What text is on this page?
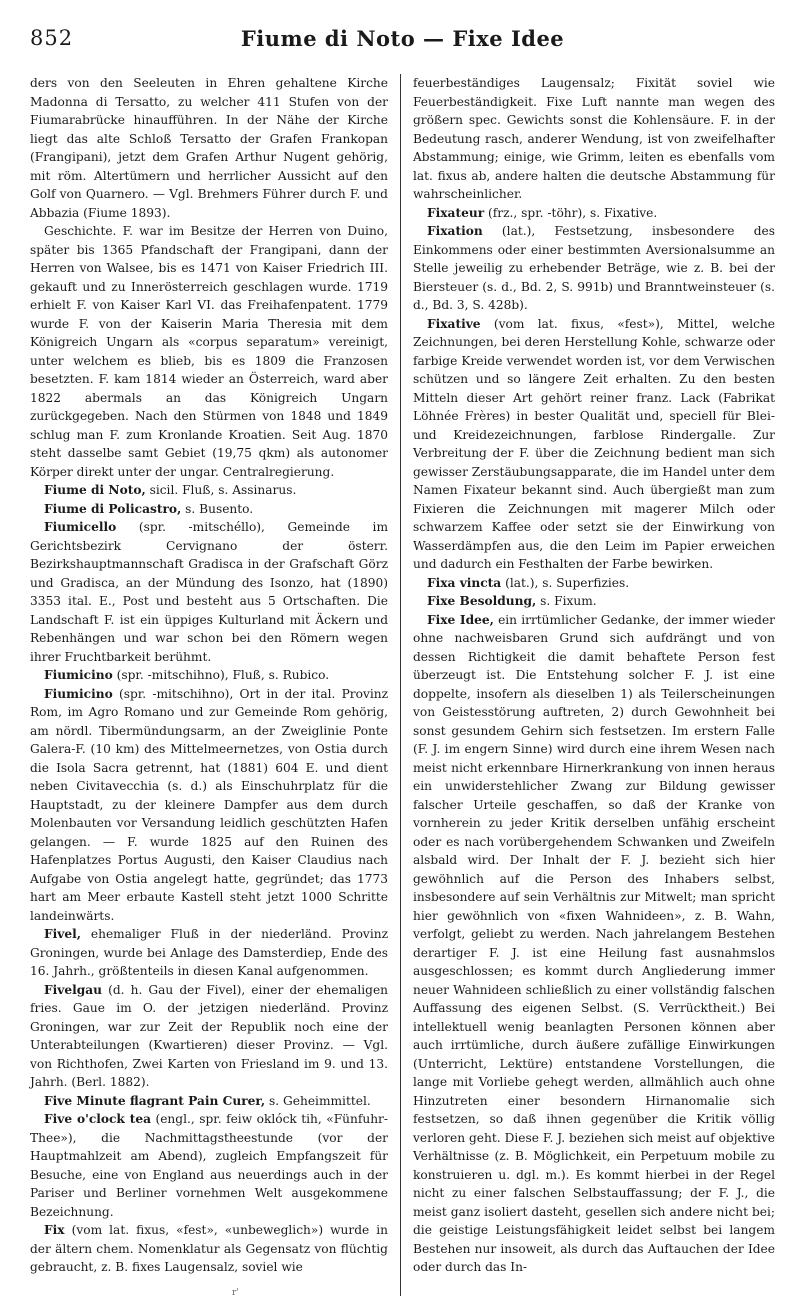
852	Fiume di Noto — Fixe Idee

ders von den Seeleuten in Ehren gehaltene Kirche Madonna di Tersatto, zu welcher 411 Stufen von der Fiumarabrücke hinaufführen. In der Nähe der Kirche liegt das alte Schloß Tersatto der Grafen Frankopan (Frangipani), jetzt dem Grafen Arthur Nugent gehörig, mit röm. Altertümern und herrlicher Aussicht auf den Golf von Quarnero. — Vgl. Brehmers Führer durch F. und Abbazia (Fiume 1893).

Geschichte. F. war im Besitze der Herren von Duino, später bis 1365 Pfandschaft der Frangipani, dann der Herren von Walsee, bis es 1471 von Kaiser Friedrich III. gekauft und zu Innerösterreich geschlagen wurde. 1719 erhielt F. von Kaiser Karl VI. das Freihafenpatent. 1779 wurde F. von der Kaiserin Maria Theresia mit dem Königreich Ungarn als «corpus separatum» vereinigt, unter welchem es blieb, bis es 1809 die Franzosen besetzten. F. kam 1814 wieder an Österreich, ward aber 1822 abermals an das Königreich Ungarn zurückgegeben. Nach den Stürmen von 1848 und 1849 schlug man F. zum Kronlande Kroatien. Seit Aug. 1870 steht dasselbe samt Gebiet (19,75 qkm) als autonomer Körper direkt unter der ungar. Centralregierung.

Fiume di Noto, sicil. Fluß, s. Assinarus.

Fiume di Policastro, s. Busento.

Fiumicello (spr. -mitschéllo), Gemeinde im Gerichtsbezirk Cervignano der österr. Bezirkshauptmannschaft Gradisca in der Grafschaft Görz und Gradisca, an der Mündung des Isonzo, hat (1890) 3353 ital. E., Post und besteht aus 5 Ortschaften. Die Landschaft F. ist ein üppiges Kulturland mit Äckern und Rebenhängen und war schon bei den Römern wegen ihrer Fruchtbarkeit berühmt.

Fiumicino (spr. -mitschihno), Fluß, s. Rubico.

Fiumicino (spr. -mitschihno), Ort in der ital. Provinz Rom, im Agro Romano und zur Gemeinde Rom gehörig, am nördl. Tibermündungsarm, an der Zweiglinie Ponte Galera-F. (10 km) des Mittelmeernetzes, von Ostia durch die Isola Sacra getrennt, hat (1881) 604 E. und dient neben Civitavecchia (s. d.) als Einschuhrplatz für die Hauptstadt, zu der kleinere Dampfer aus dem durch Molenbauten vor Versandung leidlich geschützten Hafen gelangen. — F. wurde 1825 auf den Ruinen des Hafenplatzes Portus Augusti, den Kaiser Claudius nach Aufgabe von Ostia angelegt hatte, gegründet; das 1773 hart am Meer erbaute Kastell steht jetzt 1000 Schritte landeinwärts.

Fivel, ehemaliger Fluß in der niederländ. Provinz Groningen, wurde bei Anlage des Damsterdiep, Ende des 16. Jahrh., größtenteils in diesen Kanal aufgenommen.

Fivelgau (d. h. Gau der Fivel), einer der ehemaligen fries. Gaue im O. der jetzigen niederländ. Provinz Groningen, war zur Zeit der Republik noch eine der Unterabteilungen (Kwartieren) dieser Provinz. — Vgl. von Richthofen, Zwei Karten von Friesland im 9. und 13. Jahrh. (Berl. 1882).

Five Minute flagrant Pain Curer, s. Geheimmittel.

Five o'clock tea (engl., spr. feiw oklóck tih, «Fünfuhr-Thee»), die Nachmittagstheestunde (vor der Hauptmahlzeit am Abend), zugleich Empfangszeit für Besuche, eine von England aus neuerdings auch in der Pariser und Berliner vornehmen Welt ausgekommene Bezeichnung.

Fix (vom lat. fixus, «fest», «unbeweglich») wurde in der ältern chem. Nomenklatur als Gegensatz von flüchtig gebraucht, z. B. fixes Laugensalz, soviel wie

feuerbeständiges Laugensalz; Fixität soviel wie Feuerbeständigkeit. Fixe Luft nannte man wegen des größern spec. Gewichts sonst die Kohlensäure. F. in der Bedeutung rasch, anderer Wendung, ist von zweifelhafter Abstammung; einige, wie Grimm, leiten es ebenfalls vom lat. fixus ab, andere halten die deutsche Abstammung für wahrscheinlicher.

Fixateur (frz., spr. -töhr), s. Fixative.

Fixation (lat.), Festsetzung, insbesondere des Einkommens oder einer bestimmten Aversionalsumme an Stelle jeweilig zu erhebender Beträge, wie z. B. bei der Biersteuer (s. d., Bd. 2, S. 991b) und Branntweinsteuer (s. d., Bd. 3, S. 428b).

Fixative (vom lat. fixus, «fest»), Mittel, welche Zeichnungen, bei deren Herstellung Kohle, schwarze oder farbige Kreide verwendet worden ist, vor dem Verwischen schützen und so längere Zeit erhalten. Zu den besten Mitteln dieser Art gehört reiner franz. Lack (Fabrikat Löhnée Frères) in bester Qualität und, speciell für Blei- und Kreidezeichnungen, farblose Rindergalle. Zur Verbreitung der F. über die Zeichnung bedient man sich gewisser Zerstäubungsapparate, die im Handel unter dem Namen Fixateur bekannt sind. Auch übergießt man zum Fixieren die Zeichnungen mit magerer Milch oder schwarzem Kaffee oder setzt sie der Einwirkung von Wasserdämpfen aus, die den Leim im Papier erweichen und dadurch ein Festhalten der Farbe bewirken.

Fixa vincta (lat.), s. Superfizies.

Fixe Besoldung, s. Fixum.

Fixe Idee, ein irrtümlicher Gedanke, der immer wieder ohne nachweisbaren Grund sich aufdrängt und von dessen Richtigkeit die damit behaftete Person fest überzeugt ist. Die Entstehung solcher F. J. ist eine doppelte, insofern als dieselben 1) als Teilerscheinungen von Geistesstörung auftreten, 2) durch Gewohnheit bei sonst gesundem Gehirn sich festsetzen. Im erstern Falle (F. J. im engern Sinne) wird durch eine ihrem Wesen nach meist nicht erkennbare Hirnerkrankung von innen heraus ein unwiderstehlicher Zwang zur Bildung gewisser falscher Urteile geschaffen, so daß der Kranke von vornherein zu jeder Kritik derselben unfähig erscheint oder es nach vorübergehendem Schwanken und Zweifeln alsbald wird. Der Inhalt der F. J. bezieht sich hier gewöhnlich auf die Person des Inhabers selbst, insbesondere auf sein Verhältnis zur Mitwelt; man spricht hier gewöhnlich von «fixen Wahnideen», z. B. Wahn, verfolgt, geliebt zu werden. Nach jahrelangem Bestehen derartiger F. J. ist eine Heilung fast ausnahmslos ausgeschlossen; es kommt durch Angliederung immer neuer Wahnideen schließlich zu einer vollständig falschen Auffassung des eigenen Selbst. (S. Verrücktheit.) Bei intellektuell wenig beanlagten Personen können aber auch irrtümliche, durch äußere zufällige Einwirkungen (Unterricht, Lektüre) entstandene Vorstellungen, die lange mit Vorliebe gehegt werden, allmählich auch ohne Hinzutreten einer besondern Hirnanomalie sich festsetzen, so daß ihnen gegenüber die Kritik völlig verloren geht. Diese F. J. beziehen sich meist auf objektive Verhältnisse (z. B. Möglichkeit, ein Perpetuum mobile zu konstruieren u. dgl. m.). Es kommt hierbei in der Regel nicht zu einer falschen Selbstauffassung; der F. J., die meist ganz isoliert dasteht, gesellen sich andere nicht bei; die geistige Leistungsfähigkeit leidet selbst bei langem Bestehen nur insoweit, als durch das Auftauchen der Idee oder durch das In-

r'
